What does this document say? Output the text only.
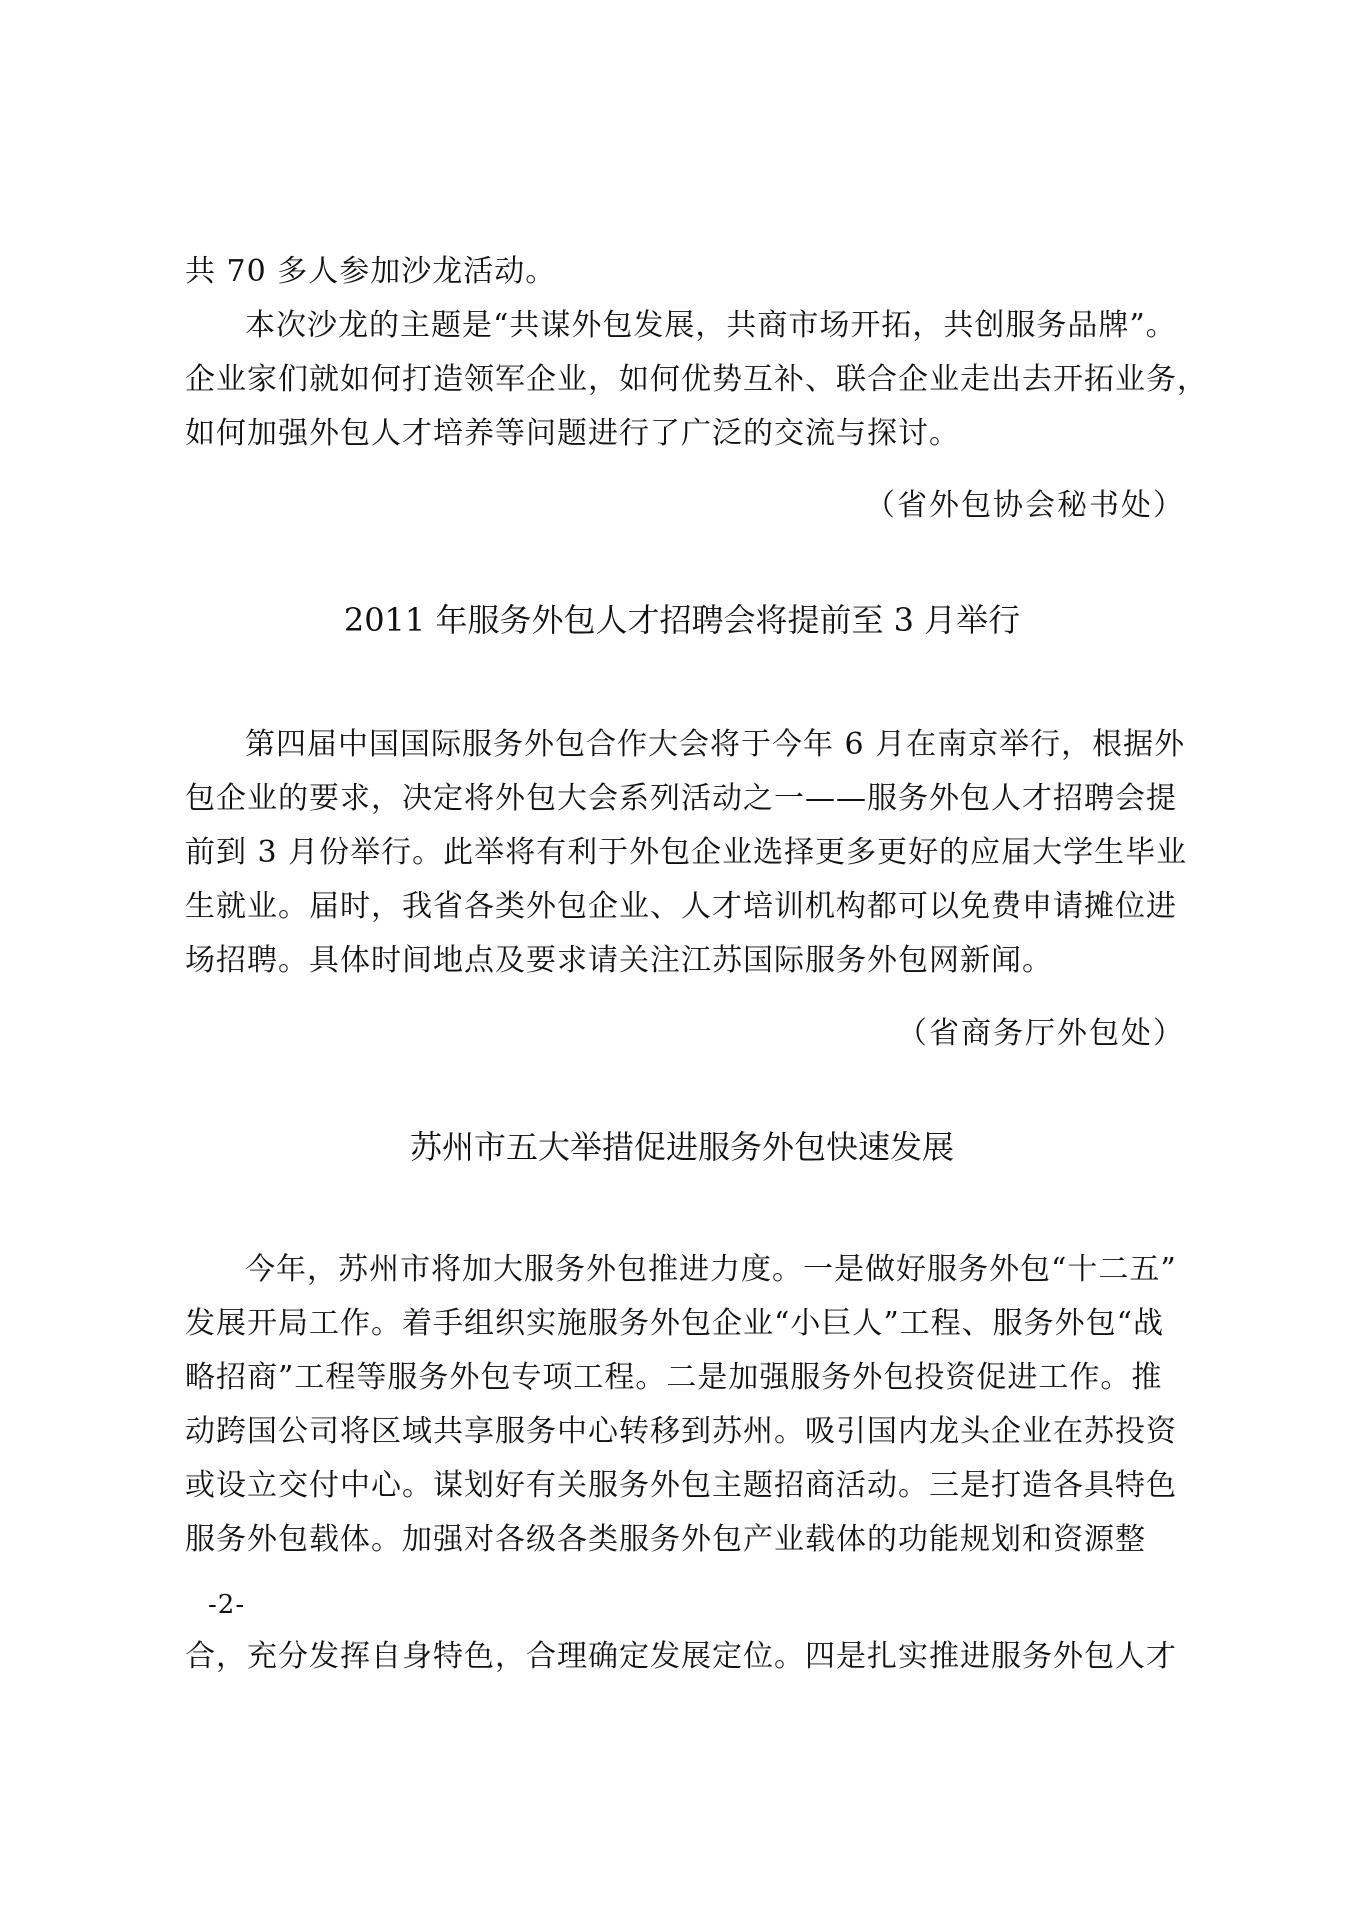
共 70 多人参加沙龙活动。
本次沙龙的主题是“共谋外包发展，共商市场开拓，共创服务品牌”。
企业家们就如何打造领军企业，如何优势互补、联合企业走出去开拓业务，
如何加强外包人才培养等问题进行了广泛的交流与探讨。
（省外包协会秘书处）
2011 年服务外包人才招聘会将提前至 3 月举行
第四届中国国际服务外包合作大会将于今年 6 月在南京举行，根据外
包企业的要求，决定将外包大会系列活动之一——服务外包人才招聘会提
前到 3 月份举行。此举将有利于外包企业选择更多更好的应届大学生毕业
生就业。届时，我省各类外包企业、人才培训机构都可以免费申请摊位进
场招聘。具体时间地点及要求请关注江苏国际服务外包网新闻。
（省商务厅外包处）
苏州市五大举措促进服务外包快速发展
今年，苏州市将加大服务外包推进力度。一是做好服务外包“十二五”
发展开局工作。着手组织实施服务外包企业“小巨人”工程、服务外包“战
略招商”工程等服务外包专项工程。二是加强服务外包投资促进工作。推
动跨国公司将区域共享服务中心转移到苏州。吸引国内龙头企业在苏投资
或设立交付中心。谋划好有关服务外包主题招商活动。三是打造各具特色
服务外包载体。加强对各级各类服务外包产业载体的功能规划和资源整
-2-
合，充分发挥自身特色，合理确定发展定位。四是扎实推进服务外包人才
